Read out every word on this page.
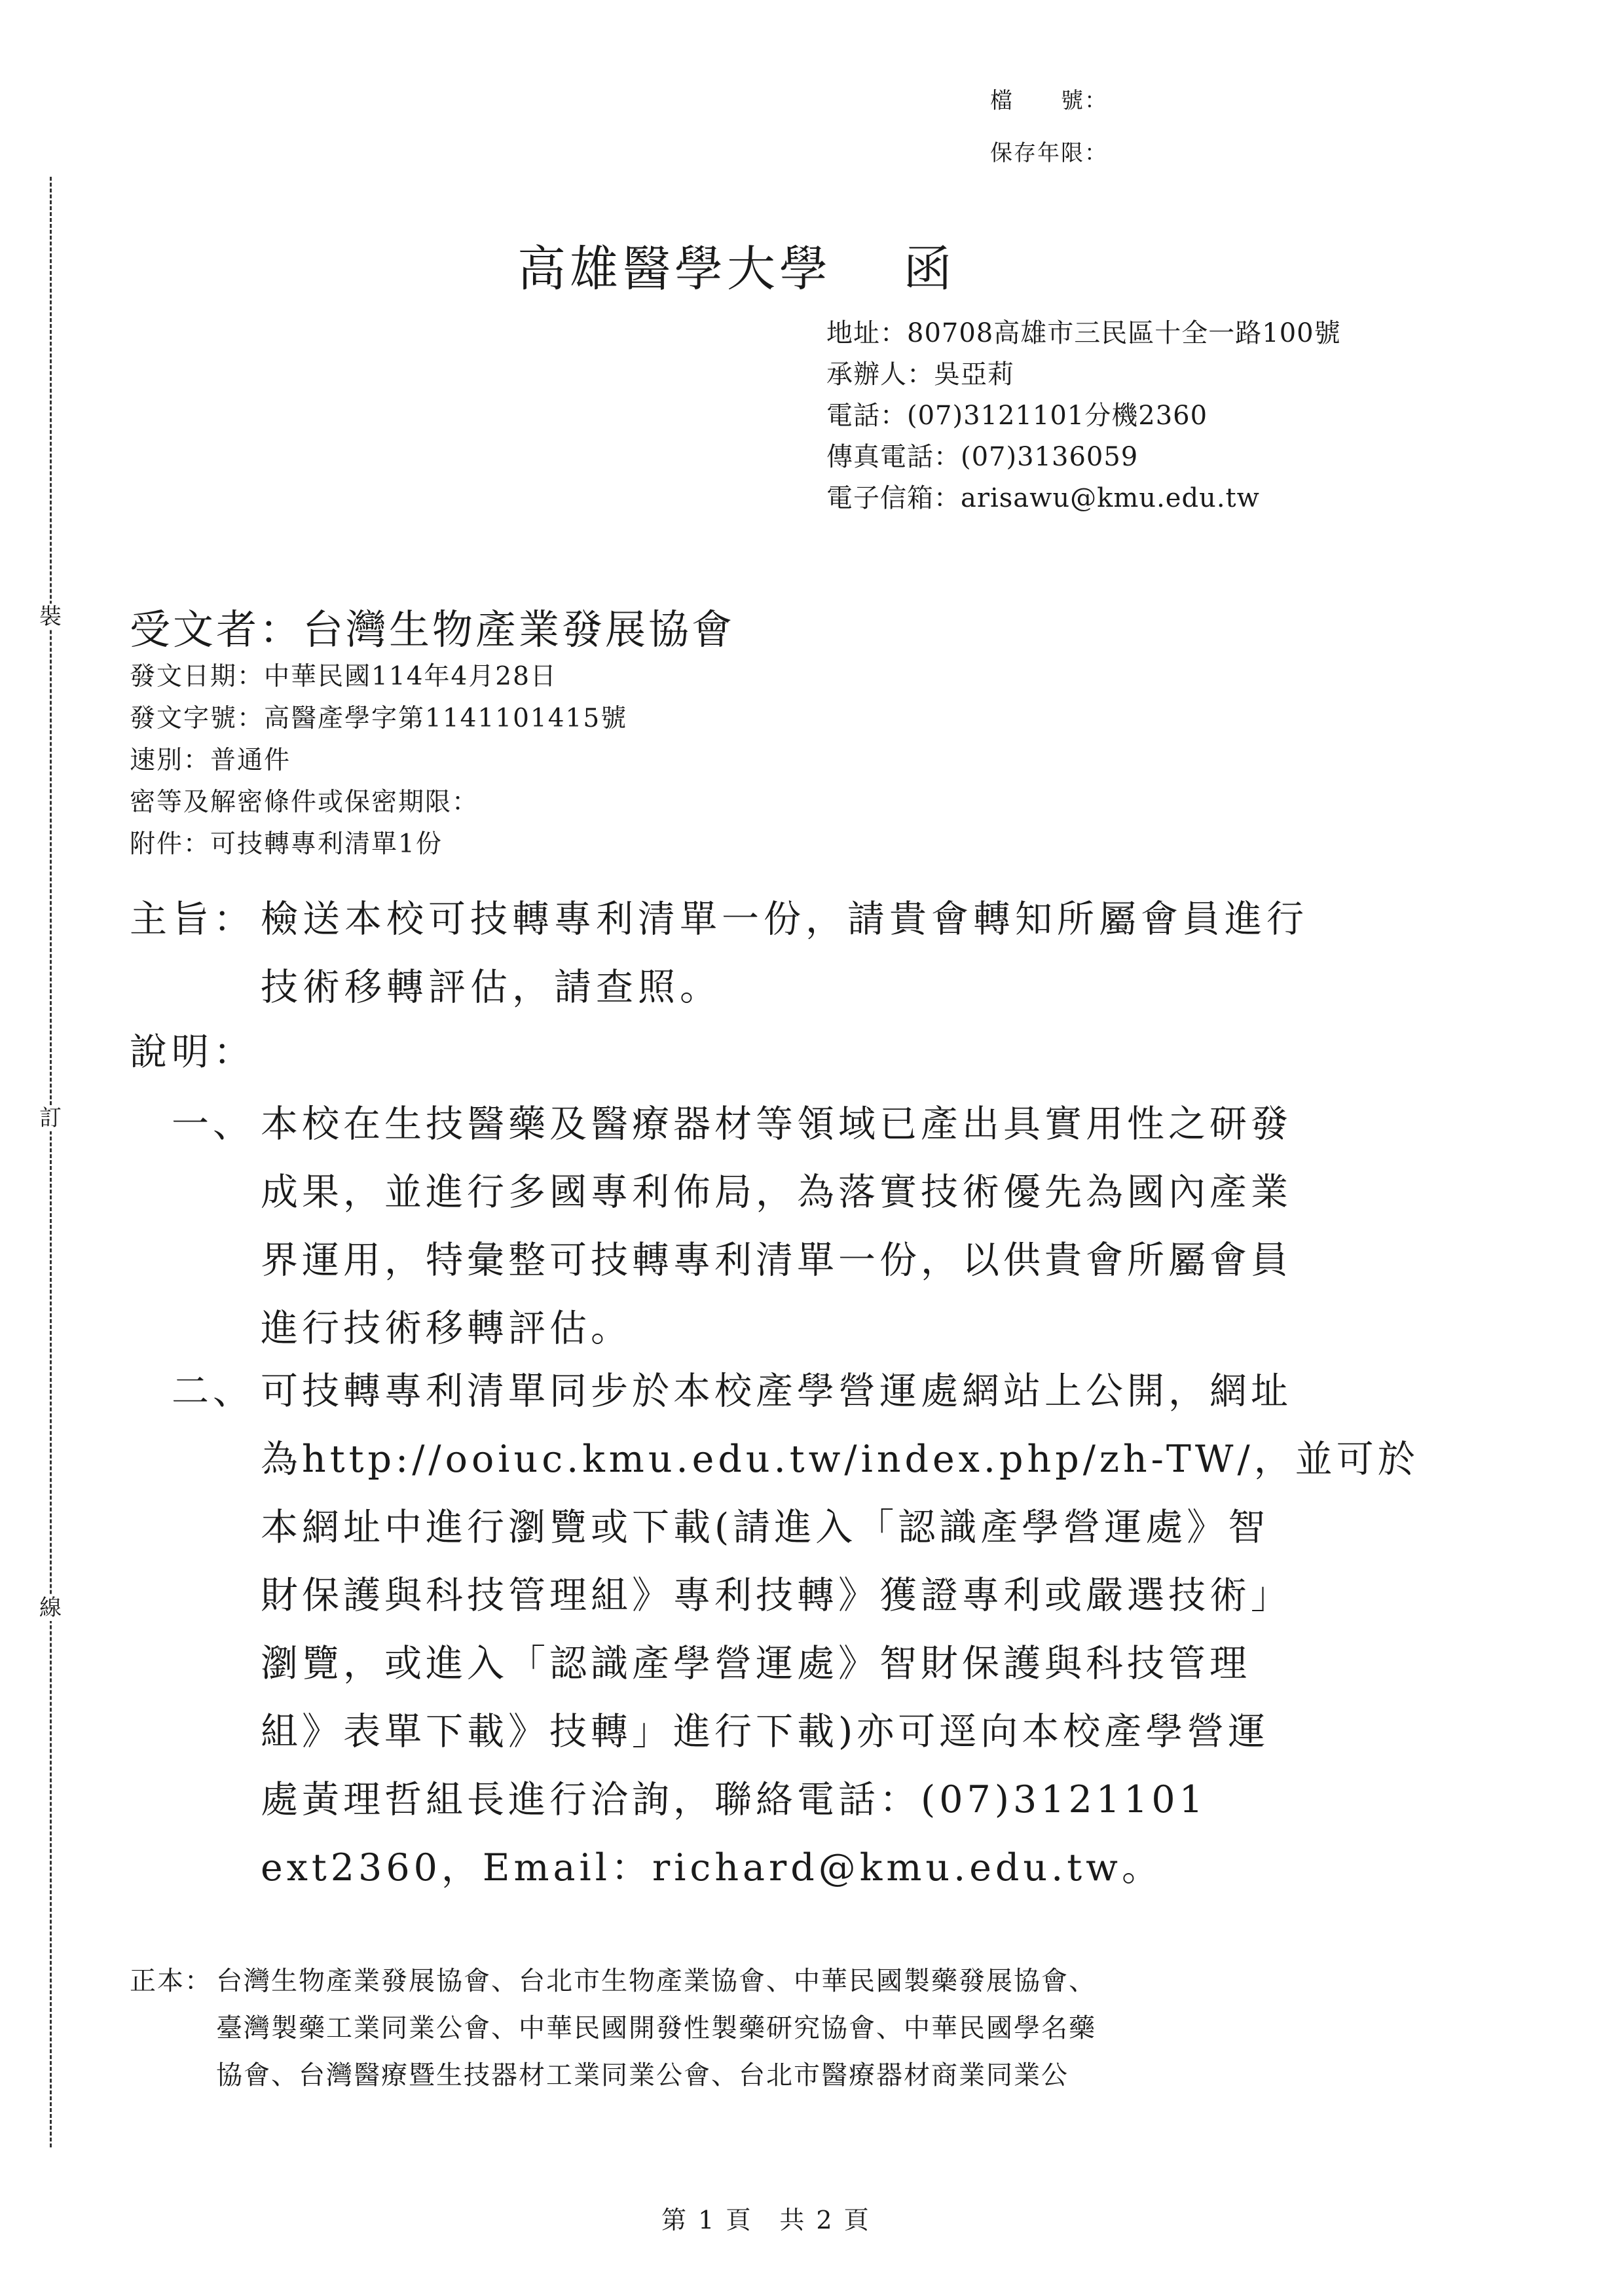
檔　　號：
保存年限：
裝
訂
線
高雄醫學大學　 函
地址：80708高雄市三民區十全一路100號
承辦人：吳亞莉
電話：(07)3121101分機2360
傳真電話：(07)3136059
電子信箱：arisawu@kmu.edu.tw
受文者：台灣生物產業發展協會
發文日期：中華民國114年4月28日
發文字號：高醫產學字第1141101415號
速別：普通件
密等及解密條件或保密期限：
附件：可技轉專利清單1份
主旨： 檢送本校可技轉專利清單一份，請貴會轉知所屬會員進行
技術移轉評估，請查照。
說明：
一、 本校在生技醫藥及醫療器材等領域已產出具實用性之研發
成果，並進行多國專利佈局，為落實技術優先為國內產業
界運用，特彙整可技轉專利清單一份，以供貴會所屬會員
進行技術移轉評估。
二、 可技轉專利清單同步於本校產學營運處網站上公開，網址
為http://ooiuc.kmu.edu.tw/index.php/zh-TW/，並可於
本網址中進行瀏覽或下載(請進入「認識產學營運處》智
財保護與科技管理組》專利技轉》獲證專利或嚴選技術」
瀏覽，或進入「認識產學營運處》智財保護與科技管理
組》表單下載》技轉」進行下載)亦可逕向本校產學營運
處黃理哲組長進行洽詢，聯絡電話：(07)3121101
ext2360，Email：richard@kmu.edu.tw。
正本： 台灣生物產業發展協會、台北市生物產業協會、中華民國製藥發展協會、
臺灣製藥工業同業公會、中華民國開發性製藥研究協會、中華民國學名藥
協會、台灣醫療暨生技器材工業同業公會、台北市醫療器材商業同業公
第 1 頁　共 2 頁
